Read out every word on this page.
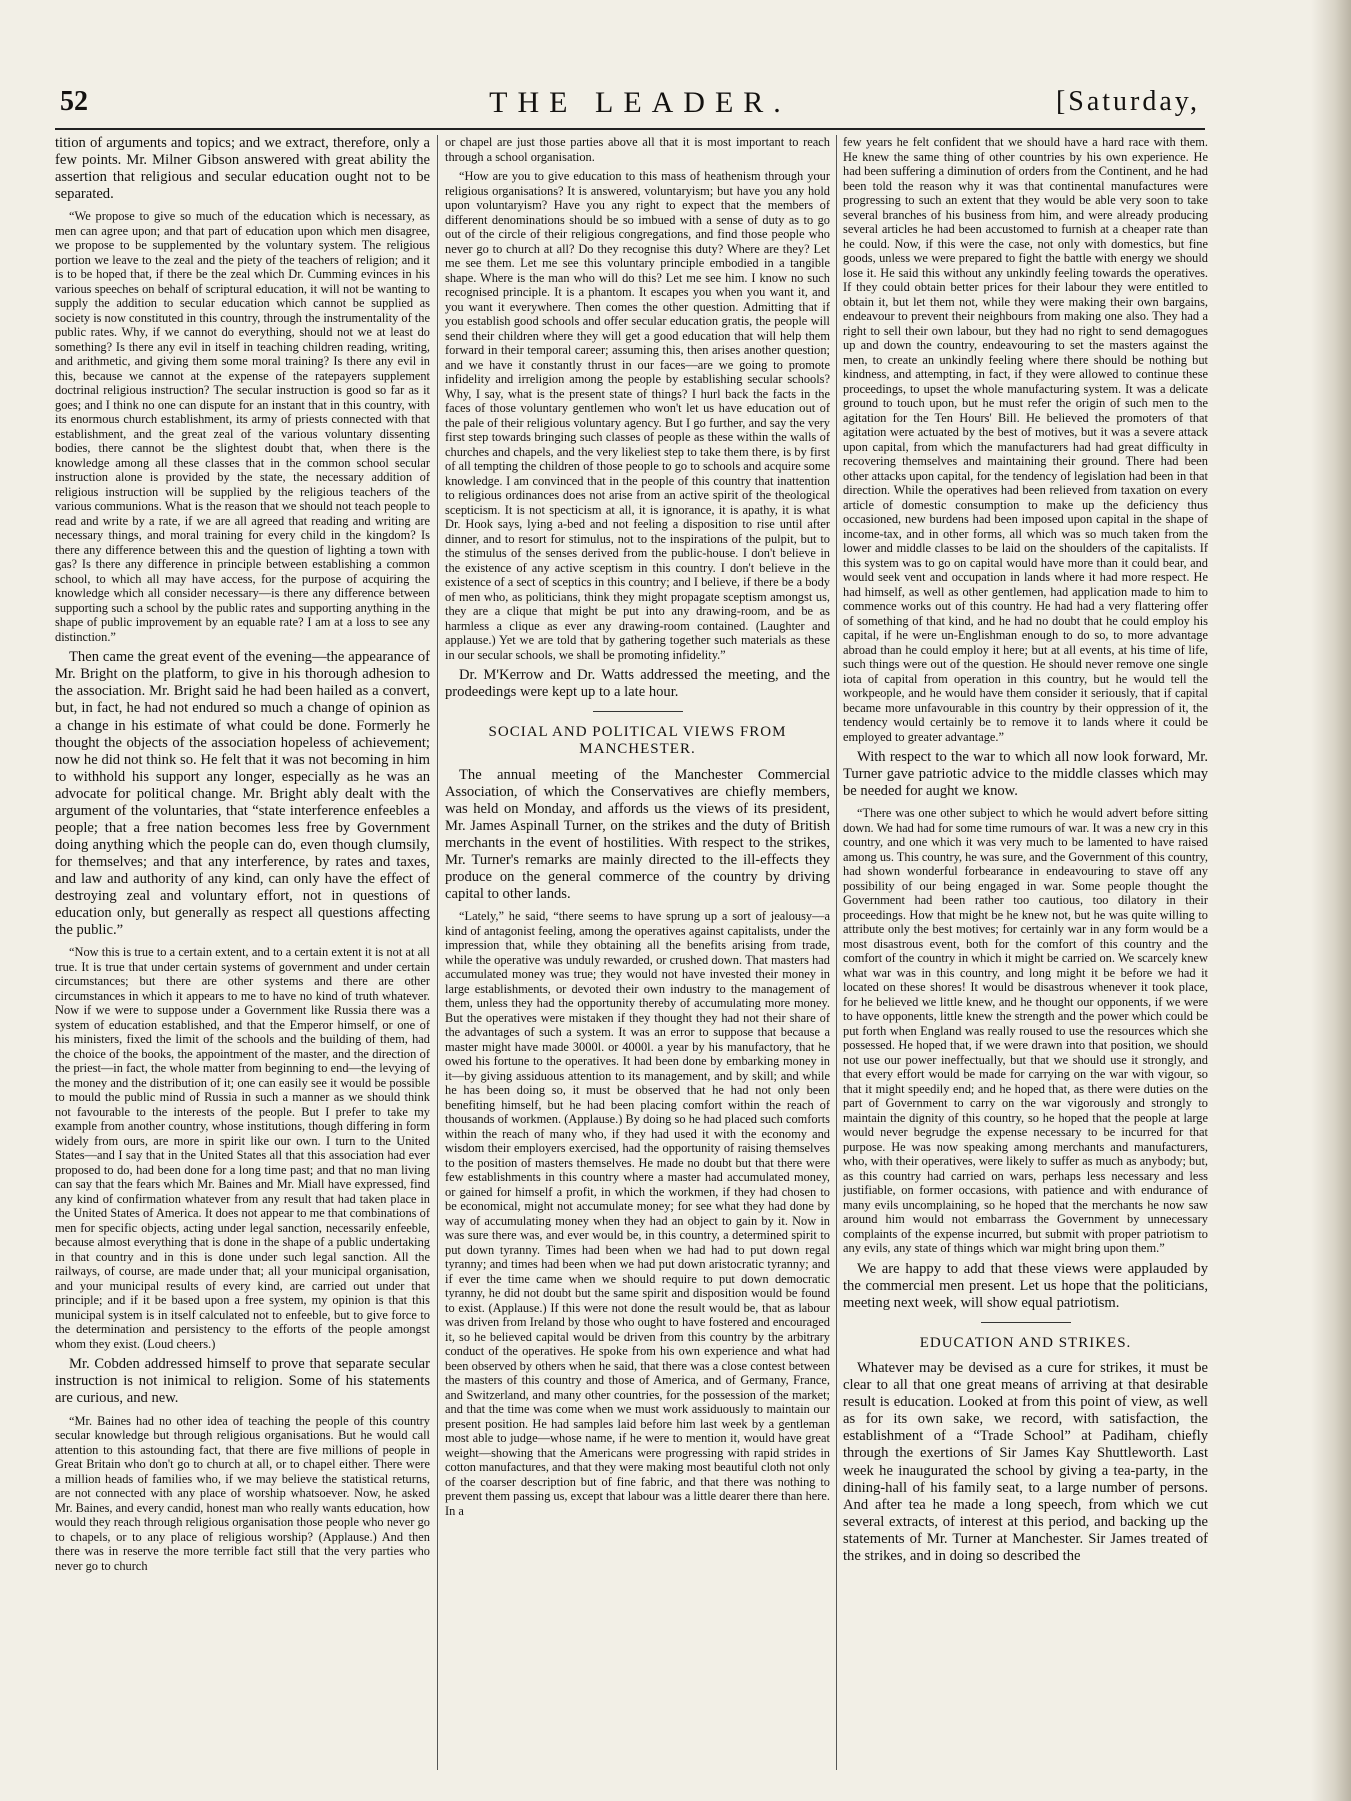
52	THE LEADER.	[Saturday,

tition of arguments and topics; and we extract, therefore, only a few points. Mr. Milner Gibson answered with great ability the assertion that religious and secular education ought not to be separated.

“We propose to give so much of the education which is necessary, as men can agree upon; and that part of education upon which men disagree, we propose to be supplemented by the voluntary system. The religious portion we leave to the zeal and the piety of the teachers of religion; and it is to be hoped that, if there be the zeal which Dr. Cumming evinces in his various speeches on behalf of scriptural education, it will not be wanting to supply the addition to secular education which cannot be supplied as society is now constituted in this country, through the instrumentality of the public rates. Why, if we cannot do everything, should not we at least do something? Is there any evil in itself in teaching children reading, writing, and arithmetic, and giving them some moral training? Is there any evil in this, because we cannot at the expense of the ratepayers supplement doctrinal religious instruction? The secular instruction is good so far as it goes; and I think no one can dispute for an instant that in this country, with its enormous church establishment, its army of priests connected with that establishment, and the great zeal of the various voluntary dissenting bodies, there cannot be the slightest doubt that, when there is the knowledge among all these classes that in the common school secular instruction alone is provided by the state, the necessary addition of religious instruction will be supplied by the religious teachers of the various communions. What is the reason that we should not teach people to read and write by a rate, if we are all agreed that reading and writing are necessary things, and moral training for every child in the kingdom? Is there any difference between this and the question of lighting a town with gas? Is there any difference in principle between establishing a common school, to which all may have access, for the purpose of acquiring the knowledge which all consider necessary—is there any difference between supporting such a school by the public rates and supporting anything in the shape of public improvement by an equable rate? I am at a loss to see any distinction.”

Then came the great event of the evening—the appearance of Mr. Bright on the platform, to give in his thorough adhesion to the association. Mr. Bright said he had been hailed as a convert, but, in fact, he had not endured so much a change of opinion as a change in his estimate of what could be done. Formerly he thought the objects of the association hopeless of achievement; now he did not think so. He felt that it was not becoming in him to withhold his support any longer, especially as he was an advocate for political change. Mr. Bright ably dealt with the argument of the voluntaries, that “state interference enfeebles a people; that a free nation becomes less free by Government doing anything which the people can do, even though clumsily, for themselves; and that any interference, by rates and taxes, and law and authority of any kind, can only have the effect of destroying zeal and voluntary effort, not in questions of education only, but generally as respect all questions affecting the public.”

“Now this is true to a certain extent, and to a certain extent it is not at all true. It is true that under certain systems of government and under certain circumstances; but there are other systems and there are other circumstances in which it appears to me to have no kind of truth whatever. Now if we were to suppose under a Government like Russia there was a system of education established, and that the Emperor himself, or one of his ministers, fixed the limit of the schools and the building of them, had the choice of the books, the appointment of the master, and the direction of the priest—in fact, the whole matter from beginning to end—the levying of the money and the distribution of it; one can easily see it would be possible to mould the public mind of Russia in such a manner as we should think not favourable to the interests of the people. But I prefer to take my example from another country, whose institutions, though differing in form widely from ours, are more in spirit like our own. I turn to the United States—and I say that in the United States all that this association had ever proposed to do, had been done for a long time past; and that no man living can say that the fears which Mr. Baines and Mr. Miall have expressed, find any kind of confirmation whatever from any result that had taken place in the United States of America. It does not appear to me that combinations of men for specific objects, acting under legal sanction, necessarily enfeeble, because almost everything that is done in the shape of a public undertaking in that country and in this is done under such legal sanction. All the railways, of course, are made under that; all your municipal organisation, and your municipal results of every kind, are carried out under that principle; and if it be based upon a free system, my opinion is that this municipal system is in itself calculated not to enfeeble, but to give force to the determination and persistency to the efforts of the people amongst whom they exist. (Loud cheers.)

Mr. Cobden addressed himself to prove that separate secular instruction is not inimical to religion. Some of his statements are curious, and new.

“Mr. Baines had no other idea of teaching the people of this country secular knowledge but through religious organisations. But he would call attention to this astounding fact, that there are five millions of people in Great Britain who don't go to church at all, or to chapel either. There were a million heads of families who, if we may believe the statistical returns, are not connected with any place of worship whatsoever. Now, he asked Mr. Baines, and every candid, honest man who really wants education, how would they reach through religious organisation those people who never go to chapels, or to any place of religious worship? (Applause.) And then there was in reserve the more terrible fact still that the very parties who never go to church

or chapel are just those parties above all that it is most important to reach through a school organisation.

“How are you to give education to this mass of heathenism through your religious organisations? It is answered, voluntaryism; but have you any hold upon voluntaryism? Have you any right to expect that the members of different denominations should be so imbued with a sense of duty as to go out of the circle of their religious congregations, and find those people who never go to church at all? Do they recognise this duty? Where are they? Let me see them. Let me see this voluntary principle embodied in a tangible shape. Where is the man who will do this? Let me see him. I know no such recognised principle. It is a phantom. It escapes you when you want it, and you want it everywhere. Then comes the other question. Admitting that if you establish good schools and offer secular education gratis, the people will send their children where they will get a good education that will help them forward in their temporal career; assuming this, then arises another question; and we have it constantly thrust in our faces—are we going to promote infidelity and irreligion among the people by establishing secular schools? Why, I say, what is the present state of things? I hurl back the facts in the faces of those voluntary gentlemen who won't let us have education out of the pale of their religious voluntary agency. But I go further, and say the very first step towards bringing such classes of people as these within the walls of churches and chapels, and the very likeliest step to take them there, is by first of all tempting the children of those people to go to schools and acquire some knowledge. I am convinced that in the people of this country that inattention to religious ordinances does not arise from an active spirit of the theological scepticism. It is not specticism at all, it is ignorance, it is apathy, it is what Dr. Hook says, lying a-bed and not feeling a disposition to rise until after dinner, and to resort for stimulus, not to the inspirations of the pulpit, but to the stimulus of the senses derived from the public-house. I don't believe in the existence of any active sceptism in this country. I don't believe in the existence of a sect of sceptics in this country; and I believe, if there be a body of men who, as politicians, think they might propagate sceptism amongst us, they are a clique that might be put into any drawing-room, and be as harmless a clique as ever any drawing-room contained. (Laughter and applause.) Yet we are told that by gathering together such materials as these in our secular schools, we shall be promoting infidelity.”

Dr. M'Kerrow and Dr. Watts addressed the meeting, and the prodeedings were kept up to a late hour.

SOCIAL AND POLITICAL VIEWS FROM MANCHESTER.

The annual meeting of the Manchester Commercial Association, of which the Conservatives are chiefly members, was held on Monday, and affords us the views of its president, Mr. James Aspinall Turner, on the strikes and the duty of British merchants in the event of hostilities. With respect to the strikes, Mr. Turner's remarks are mainly directed to the ill-effects they produce on the general commerce of the country by driving capital to other lands.

“Lately,” he said, “there seems to have sprung up a sort of jealousy—a kind of antagonist feeling, among the operatives against capitalists, under the impression that, while they obtaining all the benefits arising from trade, while the operative was unduly rewarded, or crushed down. That masters had accumulated money was true; they would not have invested their money in large establishments, or devoted their own industry to the management of them, unless they had the opportunity thereby of accumulating more money. But the operatives were mistaken if they thought they had not their share of the advantages of such a system. It was an error to suppose that because a master might have made 3000l. or 4000l. a year by his manufactory, that he owed his fortune to the operatives. It had been done by embarking money in it—by giving assiduous attention to its management, and by skill; and while he has been doing so, it must be observed that he had not only been benefiting himself, but he had been placing comfort within the reach of thousands of workmen. (Applause.) By doing so he had placed such comforts within the reach of many who, if they had used it with the economy and wisdom their employers exercised, had the opportunity of raising themselves to the position of masters themselves. He made no doubt but that there were few establishments in this country where a master had accumulated money, or gained for himself a profit, in which the workmen, if they had chosen to be economical, might not accumulate money; for see what they had done by way of accumulating money when they had an object to gain by it. Now in was sure there was, and ever would be, in this country, a determined spirit to put down tyranny. Times had been when we had had to put down regal tyranny; and times had been when we had put down aristocratic tyranny; and if ever the time came when we should require to put down democratic tyranny, he did not doubt but the same spirit and disposition would be found to exist. (Applause.) If this were not done the result would be, that as labour was driven from Ireland by those who ought to have fostered and encouraged it, so he believed capital would be driven from this country by the arbitrary conduct of the operatives. He spoke from his own experience and what had been observed by others when he said, that there was a close contest between the masters of this country and those of America, and of Germany, France, and Switzerland, and many other countries, for the possession of the market; and that the time was come when we must work assiduously to maintain our present position. He had samples laid before him last week by a gentleman most able to judge—whose name, if he were to mention it, would have great weight—showing that the Americans were progressing with rapid strides in cotton manufactures, and that they were making most beautiful cloth not only of the coarser description but of fine fabric, and that there was nothing to prevent them passing us, except that labour was a little dearer there than here. In a

few years he felt confident that we should have a hard race with them. He knew the same thing of other countries by his own experience. He had been suffering a diminution of orders from the Continent, and he had been told the reason why it was that continental manufactures were progressing to such an extent that they would be able very soon to take several branches of his business from him, and were already producing several articles he had been accustomed to furnish at a cheaper rate than he could. Now, if this were the case, not only with domestics, but fine goods, unless we were prepared to fight the battle with energy we should lose it. He said this without any unkindly feeling towards the operatives. If they could obtain better prices for their labour they were entitled to obtain it, but let them not, while they were making their own bargains, endeavour to prevent their neighbours from making one also. They had a right to sell their own labour, but they had no right to send demagogues up and down the country, endeavouring to set the masters against the men, to create an unkindly feeling where there should be nothing but kindness, and attempting, in fact, if they were allowed to continue these proceedings, to upset the whole manufacturing system. It was a delicate ground to touch upon, but he must refer the origin of such men to the agitation for the Ten Hours' Bill. He believed the promoters of that agitation were actuated by the best of motives, but it was a severe attack upon capital, from which the manufacturers had had great difficulty in recovering themselves and maintaining their ground. There had been other attacks upon capital, for the tendency of legislation had been in that direction. While the operatives had been relieved from taxation on every article of domestic consumption to make up the deficiency thus occasioned, new burdens had been imposed upon capital in the shape of income-tax, and in other forms, all which was so much taken from the lower and middle classes to be laid on the shoulders of the capitalists. If this system was to go on capital would have more than it could bear, and would seek vent and occupation in lands where it had more respect. He had himself, as well as other gentlemen, had application made to him to commence works out of this country. He had had a very flattering offer of something of that kind, and he had no doubt that he could employ his capital, if he were un-Englishman enough to do so, to more advantage abroad than he could employ it here; but at all events, at his time of life, such things were out of the question. He should never remove one single iota of capital from operation in this country, but he would tell the workpeople, and he would have them consider it seriously, that if capital became more unfavourable in this country by their oppression of it, the tendency would certainly be to remove it to lands where it could be employed to greater advantage.”

With respect to the war to which all now look forward, Mr. Turner gave patriotic advice to the middle classes which may be needed for aught we know.

“There was one other subject to which he would advert before sitting down. We had had for some time rumours of war. It was a new cry in this country, and one which it was very much to be lamented to have raised among us. This country, he was sure, and the Government of this country, had shown wonderful forbearance in endeavouring to stave off any possibility of our being engaged in war. Some people thought the Government had been rather too cautious, too dilatory in their proceedings. How that might be he knew not, but he was quite willing to attribute only the best motives; for certainly war in any form would be a most disastrous event, both for the comfort of this country and the comfort of the country in which it might be carried on. We scarcely knew what war was in this country, and long might it be before we had it located on these shores! It would be disastrous whenever it took place, for he believed we little knew, and he thought our opponents, if we were to have opponents, little knew the strength and the power which could be put forth when England was really roused to use the resources which she possessed. He hoped that, if we were drawn into that position, we should not use our power ineffectually, but that we should use it strongly, and that every effort would be made for carrying on the war with vigour, so that it might speedily end; and he hoped that, as there were duties on the part of Government to carry on the war vigorously and strongly to maintain the dignity of this country, so he hoped that the people at large would never begrudge the expense necessary to be incurred for that purpose. He was now speaking among merchants and manufacturers, who, with their operatives, were likely to suffer as much as anybody; but, as this country had carried on wars, perhaps less necessary and less justifiable, on former occasions, with patience and with endurance of many evils uncomplaining, so he hoped that the merchants he now saw around him would not embarrass the Government by unnecessary complaints of the expense incurred, but submit with proper patriotism to any evils, any state of things which war might bring upon them.”

We are happy to add that these views were applauded by the commercial men present. Let us hope that the politicians, meeting next week, will show equal patriotism.

EDUCATION AND STRIKES.

Whatever may be devised as a cure for strikes, it must be clear to all that one great means of arriving at that desirable result is education. Looked at from this point of view, as well as for its own sake, we record, with satisfaction, the establishment of a “Trade School” at Padiham, chiefly through the exertions of Sir James Kay Shuttleworth. Last week he inaugurated the school by giving a tea-party, in the dining-hall of his family seat, to a large number of persons. And after tea he made a long speech, from which we cut several extracts, of interest at this period, and backing up the statements of Mr. Turner at Manchester. Sir James treated of the strikes, and in doing so described the
